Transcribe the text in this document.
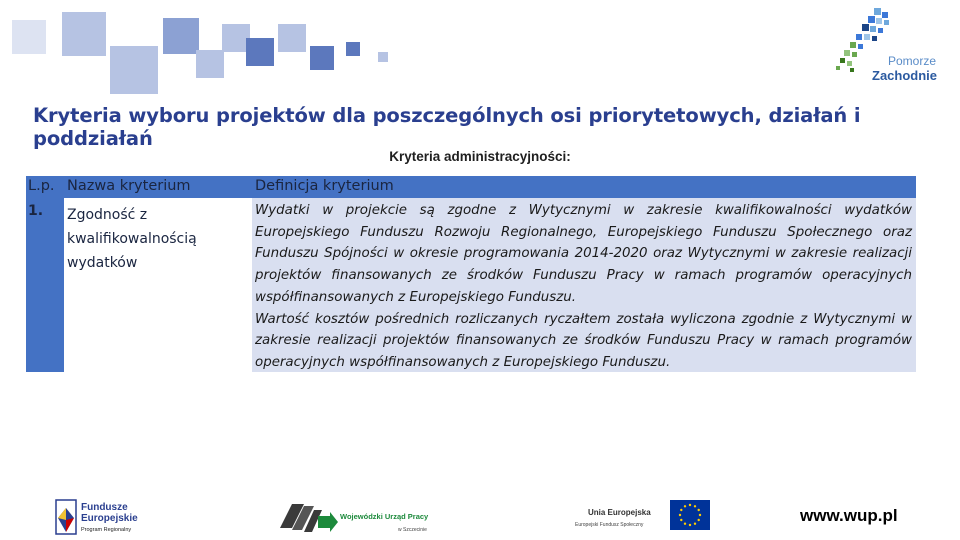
Pomorze
Zachodnie
Kryteria wyboru projektów dla poszczególnych osi priorytetowych, działań i poddziałań
Kryteria administracyjności:
L.p. Nazwa kryterium	Definicja kryterium
1. Zgodność z kwalifikowalnością wydatków

Wydatki w projekcie są zgodne z Wytycznymi w zakresie kwalifikowalności wydatków Europejskiego Funduszu Rozwoju Regionalnego, Europejskiego Funduszu Społecznego oraz Funduszu Spójności w okresie programowania 2014-2020 oraz Wytycznymi w zakresie realizacji projektów finansowanych ze środków Funduszu Pracy w ramach programów operacyjnych współfinansowanych z Europejskiego Funduszu.

Wartość kosztów pośrednich rozliczanych ryczałtem została wyliczona zgodnie z Wytycznymi w zakresie realizacji projektów finansowanych ze środków Funduszu Pracy w ramach programów operacyjnych współfinansowanych z Europejskiego Funduszu.

Fundusze
Europejskie
Program Regionalny
Wojewódzki Urząd Pracy
w Szczecinie
Unia Europejska
Europejski Fundusz Społeczny	www.wup.pl
